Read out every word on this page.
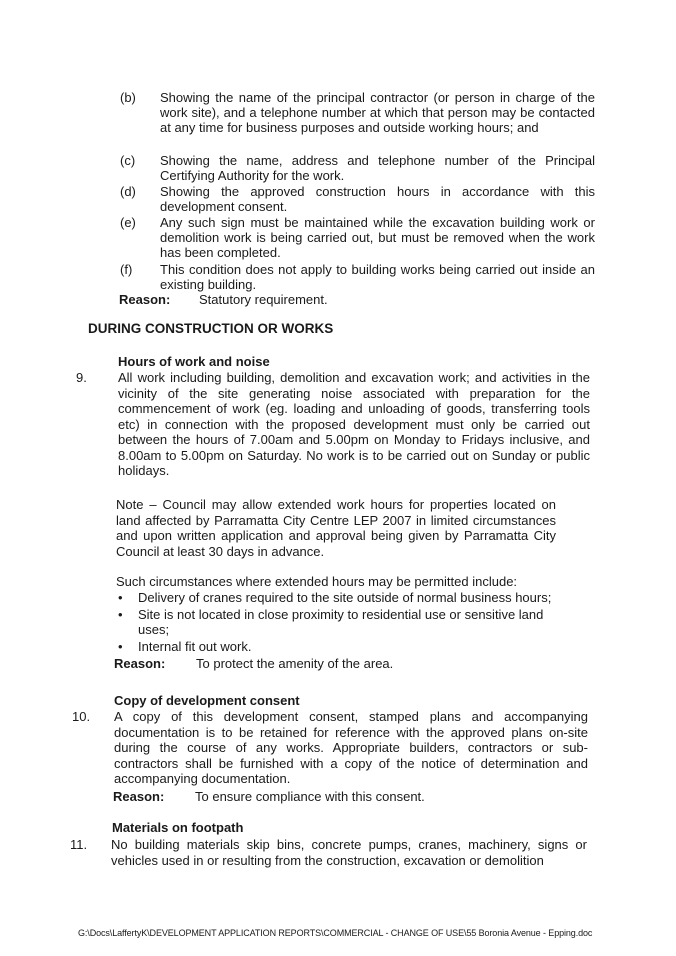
(b) Showing the name of the principal contractor (or person in charge of the work site), and a telephone number at which that person may be contacted at any time for business purposes and outside working hours; and
(c) Showing the name, address and telephone number of the Principal Certifying Authority for the work.
(d) Showing the approved construction hours in accordance with this development consent.
(e) Any such sign must be maintained while the excavation building work or demolition work is being carried out, but must be removed when the work has been completed.
(f) This condition does not apply to building works being carried out inside an existing building.
Reason: Statutory requirement.
DURING CONSTRUCTION OR WORKS
Hours of work and noise
9. All work including building, demolition and excavation work; and activities in the vicinity of the site generating noise associated with preparation for the commencement of work (eg. loading and unloading of goods, transferring tools etc) in connection with the proposed development must only be carried out between the hours of 7.00am and 5.00pm on Monday to Fridays inclusive, and 8.00am to 5.00pm on Saturday. No work is to be carried out on Sunday or public holidays.
Note – Council may allow extended work hours for properties located on land affected by Parramatta City Centre LEP 2007 in limited circumstances and upon written application and approval being given by Parramatta City Council at least 30 days in advance.
Such circumstances where extended hours may be permitted include:
• Delivery of cranes required to the site outside of normal business hours;
• Site is not located in close proximity to residential use or sensitive land uses;
• Internal fit out work.
Reason: To protect the amenity of the area.
Copy of development consent
10. A copy of this development consent, stamped plans and accompanying documentation is to be retained for reference with the approved plans on-site during the course of any works. Appropriate builders, contractors or sub-contractors shall be furnished with a copy of the notice of determination and accompanying documentation.
Reason: To ensure compliance with this consent.
Materials on footpath
11. No building materials skip bins, concrete pumps, cranes, machinery, signs or vehicles used in or resulting from the construction, excavation or demolition
G:\Docs\LaffertyK\DEVELOPMENT APPLICATION REPORTS\COMMERCIAL - CHANGE OF USE\55 Boronia Avenue - Epping.doc
